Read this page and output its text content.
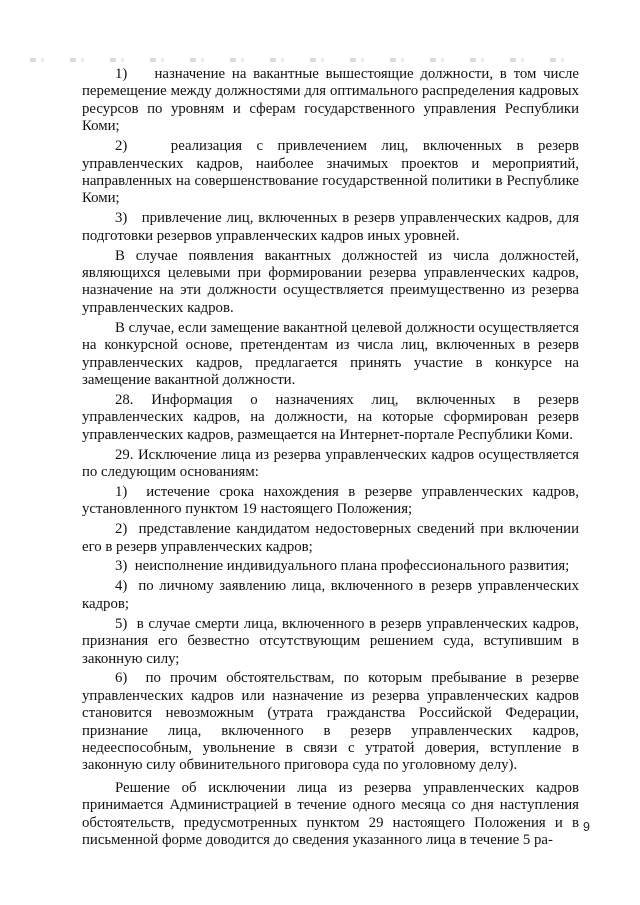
1)    назначение на вакантные вышестоящие должности, в том числе перемещение между должностями для оптимального распределения кадровых ресурсов по уровням и сферам государственного управления Республики Коми;

2)   реализация с привлечением лиц, включенных в резерв управленческих кадров, наиболее значимых проектов и мероприятий, направленных на совершенствование государственной политики в Республике Коми;

3)   привлечение лиц, включенных в резерв управленческих кадров, для подготовки резервов управленческих кадров иных уровней.

В случае появления вакантных должностей из числа должностей, являющихся целевыми при формировании резерва управленческих кадров, назначение на эти должности осуществляется преимущественно из резерва управленческих кадров.

В случае, если замещение вакантной целевой должности осуществляется на конкурсной основе, претендентам из числа лиц, включенных в резерв управленческих кадров, предлагается принять участие в конкурсе на замещение вакантной должности.

28. Информация о назначениях лиц, включенных в резерв управленческих кадров, на должности, на которые сформирован резерв управленческих кадров, размещается на Интернет-портале Республики Коми.

29. Исключение лица из резерва управленческих кадров осуществляется по следующим основаниям:

1)  истечение срока нахождения в резерве управленческих кадров, установленного пунктом 19 настоящего Положения;

2)  представление кандидатом недостоверных сведений при включении его в резерв управленческих кадров;

3)  неисполнение индивидуального плана профессионального развития;

4)  по личному заявлению лица, включенного в резерв управленческих кадров;

5)  в случае смерти лица, включенного в резерв управленческих кадров, признания его безвестно отсутствующим решением суда, вступившим в законную силу;

6)  по прочим обстоятельствам, по которым пребывание в резерве управленческих кадров или назначение из резерва управленческих кадров становится невозможным (утрата гражданства Российской Федерации, признание лица, включенного в резерв управленческих кадров, недееспособным, увольнение в связи с утратой доверия, вступление в законную силу обвинительного приговора суда по уголовному делу).

Решение об исключении лица из резерва управленческих кадров принимается Администрацией в течение одного месяца со дня наступления обстоятельств, предусмотренных пунктом 29 настоящего Положения и в письменной форме доводится до сведения указанного лица в течение 5 ра-

9
